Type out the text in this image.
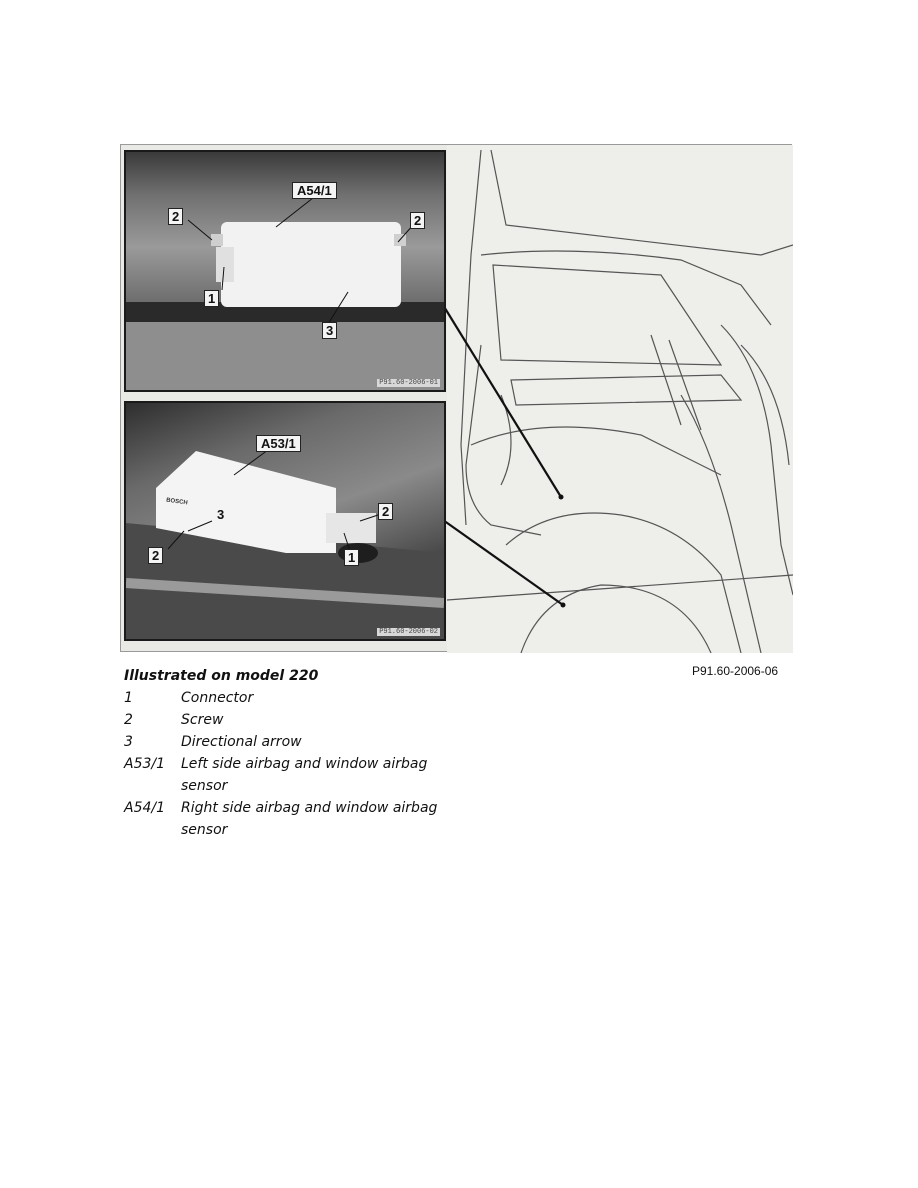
A54/1
2	2
1
3
P91.60-2006-01
BOSCH
A53/1
3	2
2	1
P91.60-2006-02
P91.60-2006-06
Illustrated on model 220
1	Connector
2	Screw
3	Directional arrow
A53/1	Left side airbag and window airbag sensor
A54/1	Right side airbag and window airbag sensor
